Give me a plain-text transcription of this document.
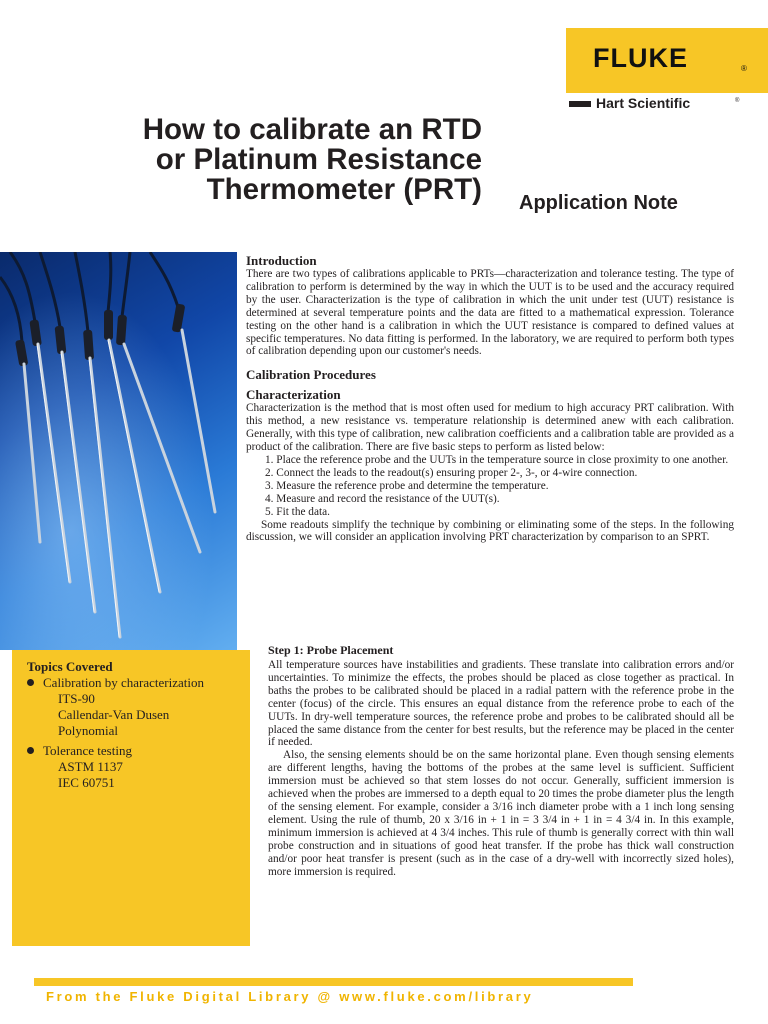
FLUKE	®
Hart Scientific	®
How to calibrate an RTD
or Platinum Resistance
Thermometer (PRT) Application Note
Introduction

There are two types of calibrations applicable to PRTs—characterization and tolerance testing. The type of calibration to perform is determined by the way in which the UUT is to be used and the accuracy required by the user. Characterization is the type of calibration in which the unit under test (UUT) resistance is determined at several temperature points and the data are fitted to a mathematical expression. Tolerance testing on the other hand is a calibration in which the UUT resistance is compared to defined values at specific temperatures. No data fitting is performed. In the laboratory, we are required to perform both types of calibration depending upon our customer's needs.

Calibration Procedures
Characterization

Characterization is the method that is most often used for medium to high accuracy PRT calibration. With this method, a new resistance vs. temperature relationship is determined anew with each calibration. Generally, with this type of calibration, new calibration coefficients and a calibration table are provided as a product of the calibration. There are five basic steps to perform as listed below:

1. Place the reference probe and the UUTs in the temperature source in close proximity to one another.
2. Connect the leads to the readout(s) ensuring proper 2-, 3-, or 4-wire connection.
3. Measure the reference probe and determine the temperature.
4. Measure and record the resistance of the UUT(s).
5. Fit the data.

Some readouts simplify the technique by combining or eliminating some of the steps. In the following discussion, we will consider an application involving PRT characterization by comparison to an SPRT.

Step 1: Probe Placement

All temperature sources have instabilities and gradients. These translate into calibration errors and/or uncertainties. To minimize the effects, the probes should be placed as close together as practical. In baths the probes to be calibrated should be placed in a radial pattern with the reference probe in the center (focus) of the circle. This ensures an equal distance from the reference probe to each of the UUTs. In dry-well temperature sources, the reference probe and probes to be calibrated should all be placed the same distance from the center for best results, but the reference may be placed in the center if needed.

Also, the sensing elements should be on the same horizontal plane. Even though sensing elements are different lengths, having the bottoms of the probes at the same level is sufficient. Sufficient immersion must be achieved so that stem losses do not occur. Generally, sufficient immersion is achieved when the probes are immersed to a depth equal to 20 times the probe diameter plus the length of the sensing element. For example, consider a 3/16 inch diameter probe with a 1 inch long sensing element. Using the rule of thumb, 20 x 3/16 in + 1 in = 3 3/4 in + 1 in = 4 3/4 in. In this example, minimum immersion is achieved at 4 3/4 inches. This rule of thumb is generally correct with thin wall probe construction and in situations of good heat transfer. If the probe has thick wall construction and/or poor heat transfer is present (such as in the case of a dry-well with incorrectly sized holes), more immersion is required.

Topics Covered
Calibration by characterization
ITS-90
Callendar-Van Dusen
Polynomial
Tolerance testing
ASTM 1137
IEC 60751
From the Fluke Digital Library @ www.fluke.com/library
